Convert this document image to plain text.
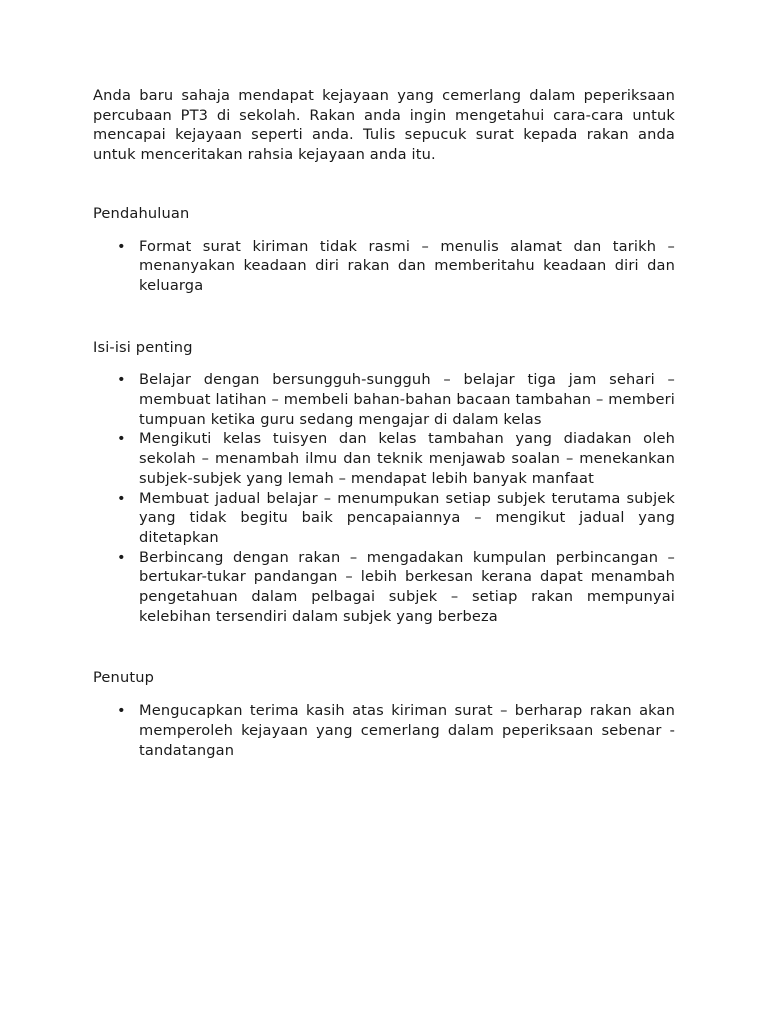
Anda baru sahaja mendapat kejayaan yang cemerlang dalam peperiksaan percubaan PT3 di sekolah. Rakan anda ingin mengetahui cara-cara untuk mencapai kejayaan seperti anda. Tulis sepucuk surat kepada rakan anda untuk menceritakan rahsia kejayaan anda itu.

Pendahuluan

• Format surat kiriman tidak rasmi – menulis alamat dan tarikh – menanyakan keadaan diri rakan dan memberitahu keadaan diri dan keluarga

Isi-isi penting

• Belajar dengan bersungguh-sungguh – belajar tiga jam sehari – membuat latihan – membeli bahan-bahan bacaan tambahan – memberi tumpuan ketika guru sedang mengajar di dalam kelas
• Mengikuti kelas tuisyen dan kelas tambahan yang diadakan oleh sekolah – menambah ilmu dan teknik menjawab soalan – menekankan subjek-subjek yang lemah – mendapat lebih banyak manfaat
• Membuat jadual belajar – menumpukan setiap subjek terutama subjek yang tidak begitu baik pencapaiannya – mengikut jadual yang ditetapkan
• Berbincang dengan rakan – mengadakan kumpulan perbincangan – bertukar-tukar pandangan – lebih berkesan kerana dapat menambah pengetahuan dalam pelbagai subjek – setiap rakan mempunyai kelebihan tersendiri dalam subjek yang berbeza

Penutup

• Mengucapkan terima kasih atas kiriman surat – berharap rakan akan memperoleh kejayaan yang cemerlang dalam peperiksaan sebenar - tandatangan
